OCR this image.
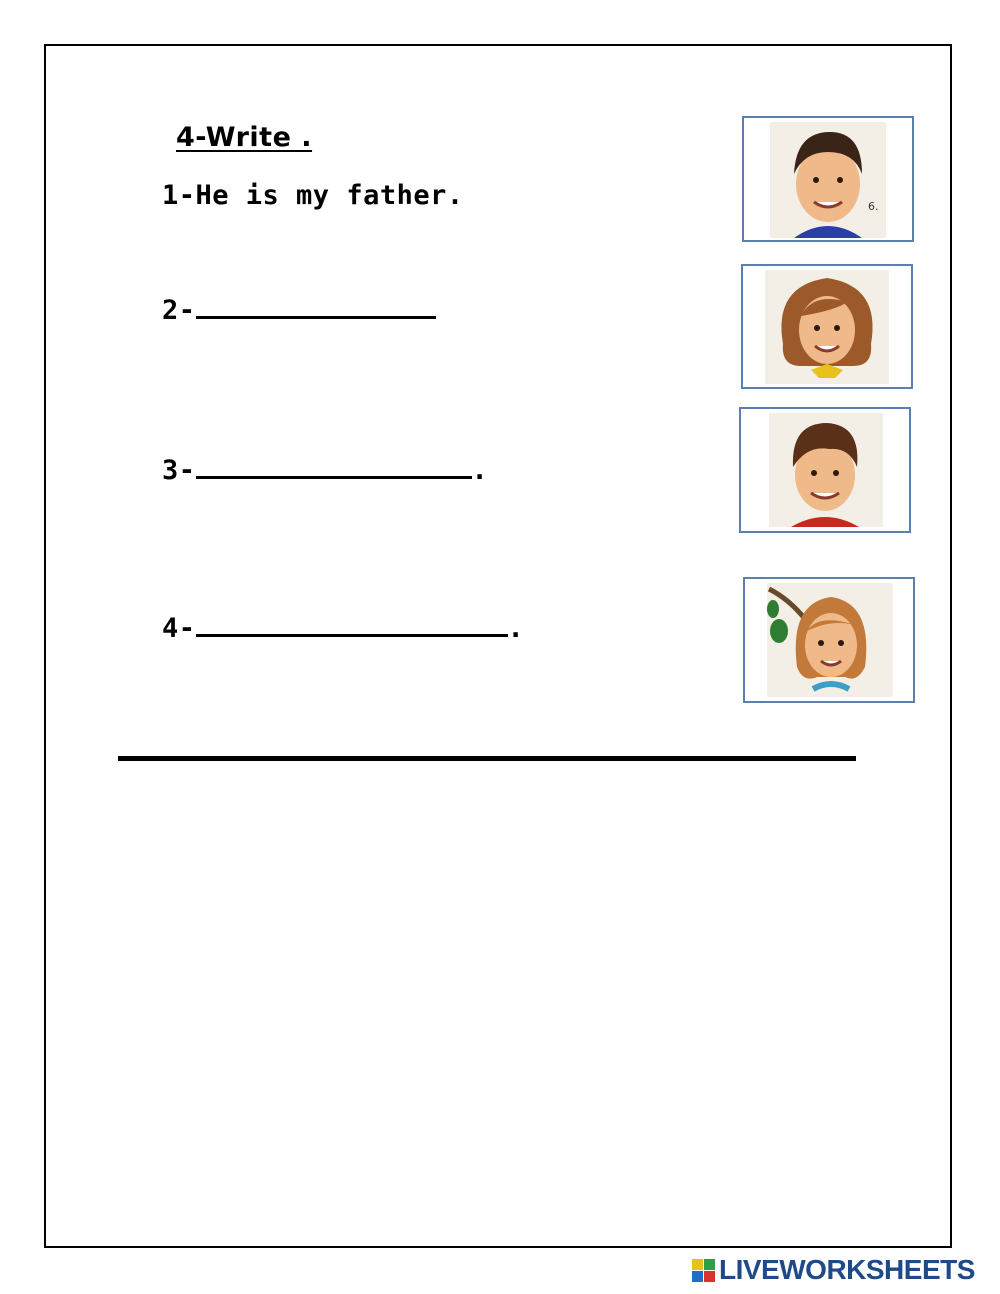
4-Write .
1-He is my father.
2-
3-	.
4-	.
6.
LIVEWORKSHEETS
